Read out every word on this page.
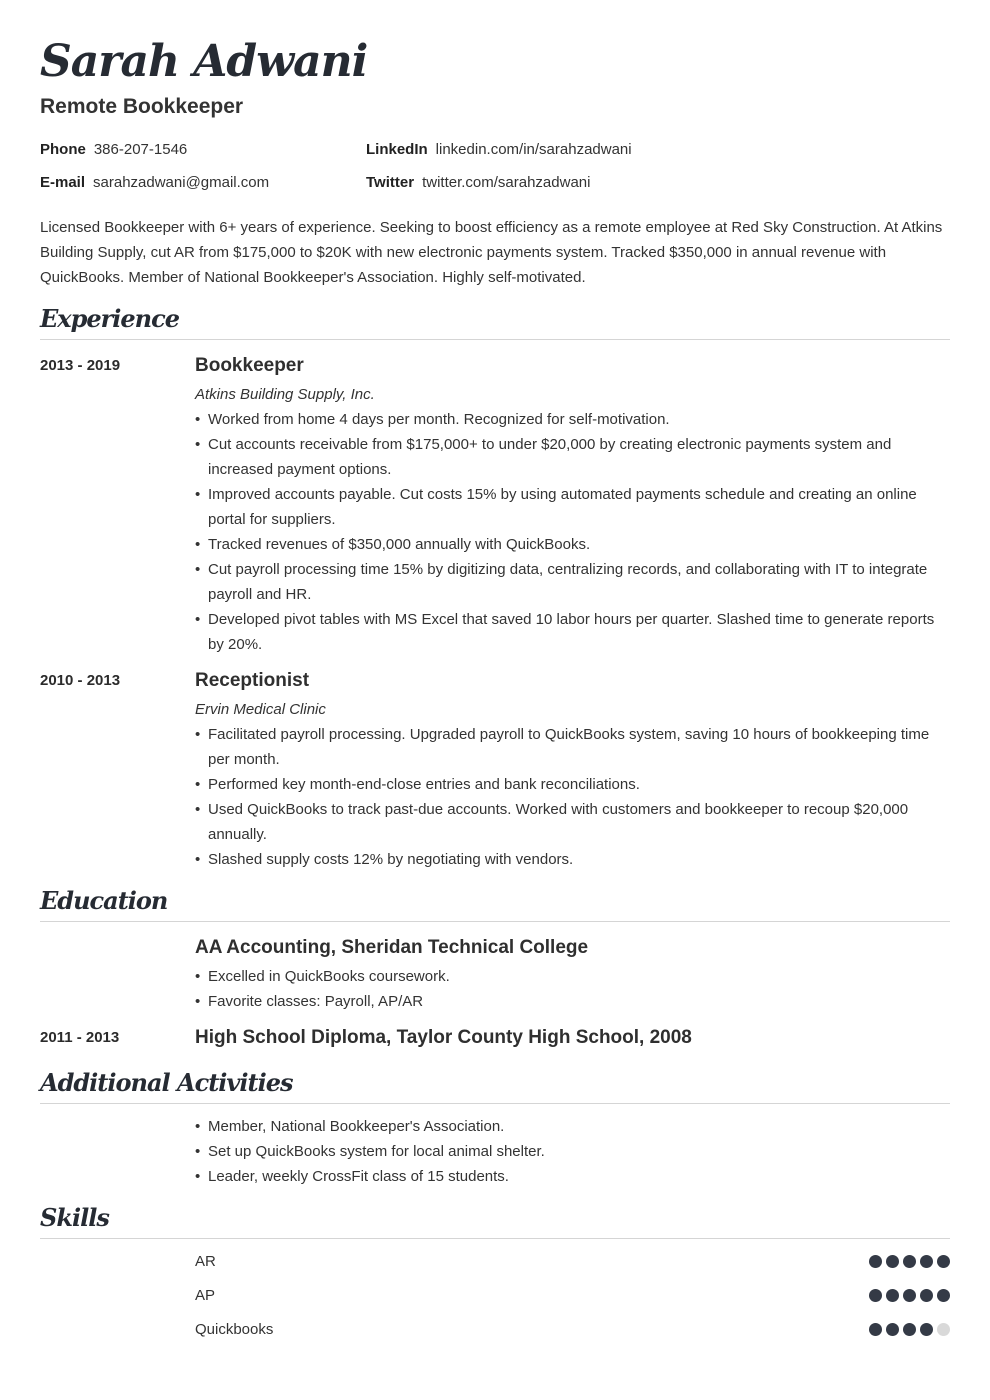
Sarah Adwani
Remote Bookkeeper
Phone 386-207-1546
E-mail sarahzadwani@gmail.com
LinkedIn linkedin.com/in/sarahzadwani
Twitter twitter.com/sarahzadwani
Licensed Bookkeeper with 6+ years of experience. Seeking to boost efficiency as a remote employee at Red Sky Construction. At Atkins Building Supply, cut AR from $175,000 to $20K with new electronic payments system. Tracked $350,000 in annual revenue with QuickBooks. Member of National Bookkeeper's Association. Highly self-motivated.
Experience
2013 - 2019	Bookkeeper
Atkins Building Supply, Inc.
• Worked from home 4 days per month. Recognized for self-motivation.
• Cut accounts receivable from $175,000+ to under $20,000 by creating electronic payments system and increased payment options.
• Improved accounts payable. Cut costs 15% by using automated payments schedule and creating an online portal for suppliers.
• Tracked revenues of $350,000 annually with QuickBooks.
• Cut payroll processing time 15% by digitizing data, centralizing records, and collaborating with IT to integrate payroll and HR.
• Developed pivot tables with MS Excel that saved 10 labor hours per quarter. Slashed time to generate reports by 20%.
2010 - 2013	Receptionist
Ervin Medical Clinic
• Facilitated payroll processing. Upgraded payroll to QuickBooks system, saving 10 hours of bookkeeping time per month.
• Performed key month-end-close entries and bank reconciliations.
• Used QuickBooks to track past-due accounts. Worked with customers and bookkeeper to recoup $20,000 annually.
• Slashed supply costs 12% by negotiating with vendors.
Education
AA Accounting, Sheridan Technical College
• Excelled in QuickBooks coursework.
• Favorite classes: Payroll, AP/AR
2011 - 2013	High School Diploma, Taylor County High School, 2008
Additional Activities
• Member, National Bookkeeper's Association.
• Set up QuickBooks system for local animal shelter.
• Leader, weekly CrossFit class of 15 students.
Skills
AR
AP
Quickbooks
